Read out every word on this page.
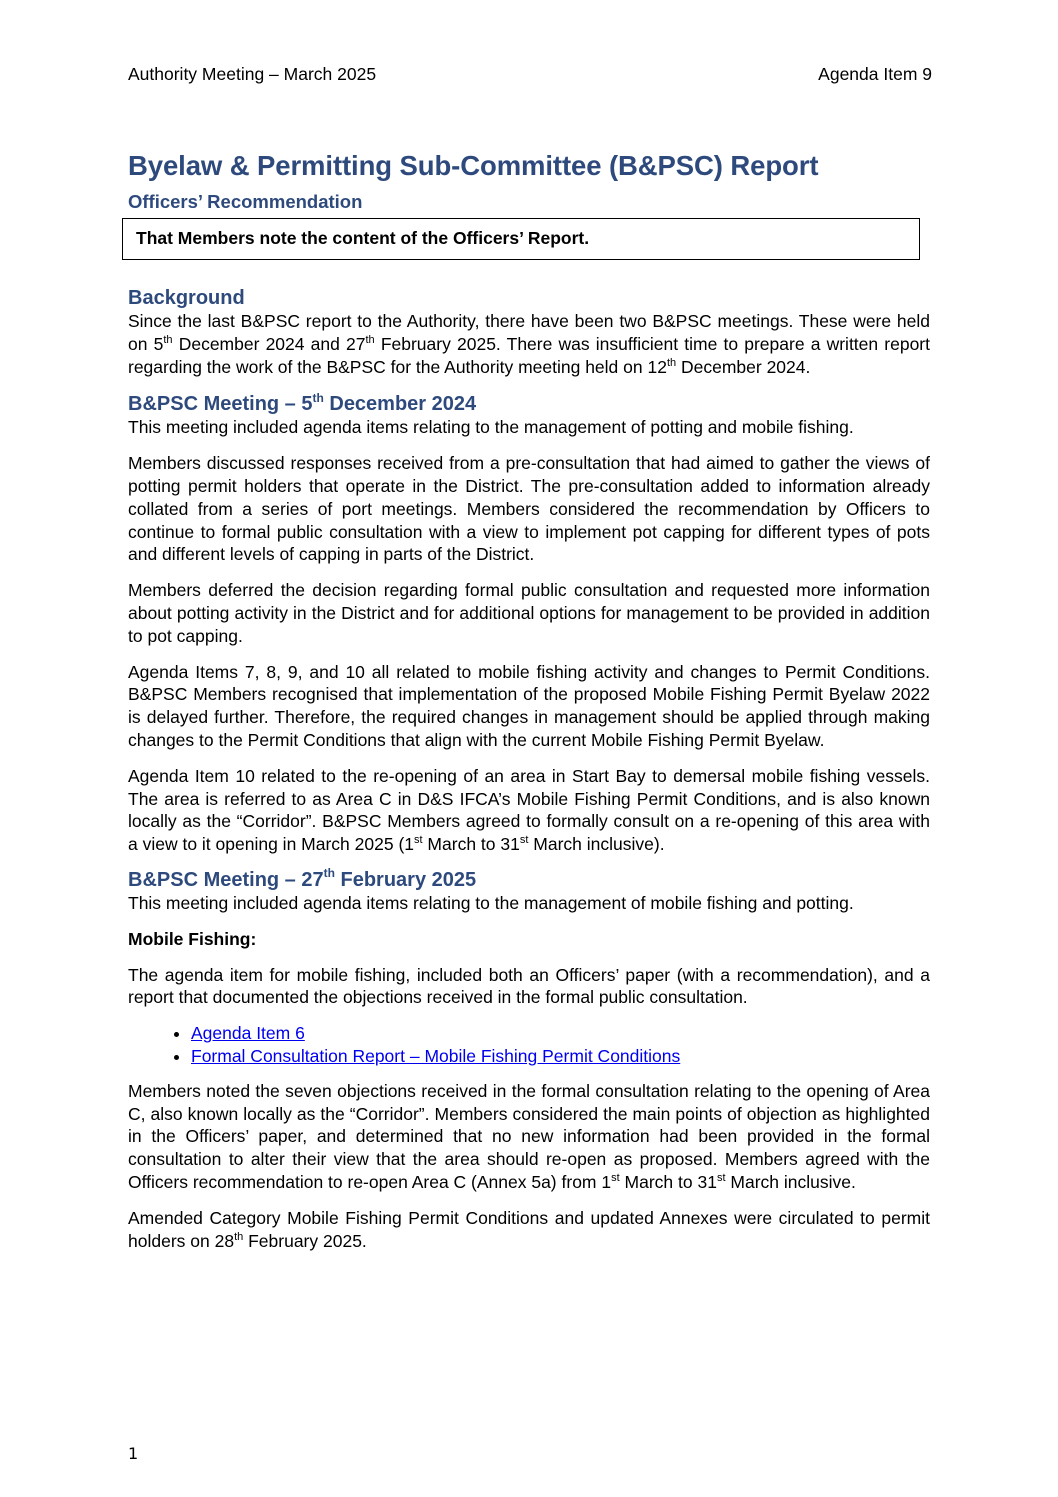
Authority Meeting – March 2025	Agenda Item 9
Byelaw & Permitting Sub-Committee (B&PSC) Report
Officers’ Recommendation
That Members note the content of the Officers’ Report.
Background

Since the last B&PSC report to the Authority, there have been two B&PSC meetings. These were held on 5th December 2024 and 27th February 2025. There was insufficient time to prepare a written report regarding the work of the B&PSC for the Authority meeting held on 12th December 2024.

B&PSC Meeting – 5th December 2024

This meeting included agenda items relating to the management of potting and mobile fishing.

Members discussed responses received from a pre-consultation that had aimed to gather the views of potting permit holders that operate in the District. The pre-consultation added to information already collated from a series of port meetings. Members considered the recommendation by Officers to continue to formal public consultation with a view to implement pot capping for different types of pots and different levels of capping in parts of the District.

Members deferred the decision regarding formal public consultation and requested more information about potting activity in the District and for additional options for management to be provided in addition to pot capping.

Agenda Items 7, 8, 9, and 10 all related to mobile fishing activity and changes to Permit Conditions. B&PSC Members recognised that implementation of the proposed Mobile Fishing Permit Byelaw 2022 is delayed further. Therefore, the required changes in management should be applied through making changes to the Permit Conditions that align with the current Mobile Fishing Permit Byelaw.

Agenda Item 10 related to the re-opening of an area in Start Bay to demersal mobile fishing vessels. The area is referred to as Area C in D&S IFCA’s Mobile Fishing Permit Conditions, and is also known locally as the “Corridor”. B&PSC Members agreed to formally consult on a re-opening of this area with a view to it opening in March 2025 (1st March to 31st March inclusive).

B&PSC Meeting – 27th February 2025

This meeting included agenda items relating to the management of mobile fishing and potting.

Mobile Fishing:

The agenda item for mobile fishing, included both an Officers’ paper (with a recommendation), and a report that documented the objections received in the formal public consultation.

• Agenda Item 6
• Formal Consultation Report – Mobile Fishing Permit Conditions

Members noted the seven objections received in the formal consultation relating to the opening of Area C, also known locally as the “Corridor”. Members considered the main points of objection as highlighted in the Officers’ paper, and determined that no new information had been provided in the formal consultation to alter their view that the area should re-open as proposed. Members agreed with the Officers recommendation to re-open Area C (Annex 5a) from 1st March to 31st March inclusive.

Amended Category Mobile Fishing Permit Conditions and updated Annexes were circulated to permit holders on 28th February 2025.

1
